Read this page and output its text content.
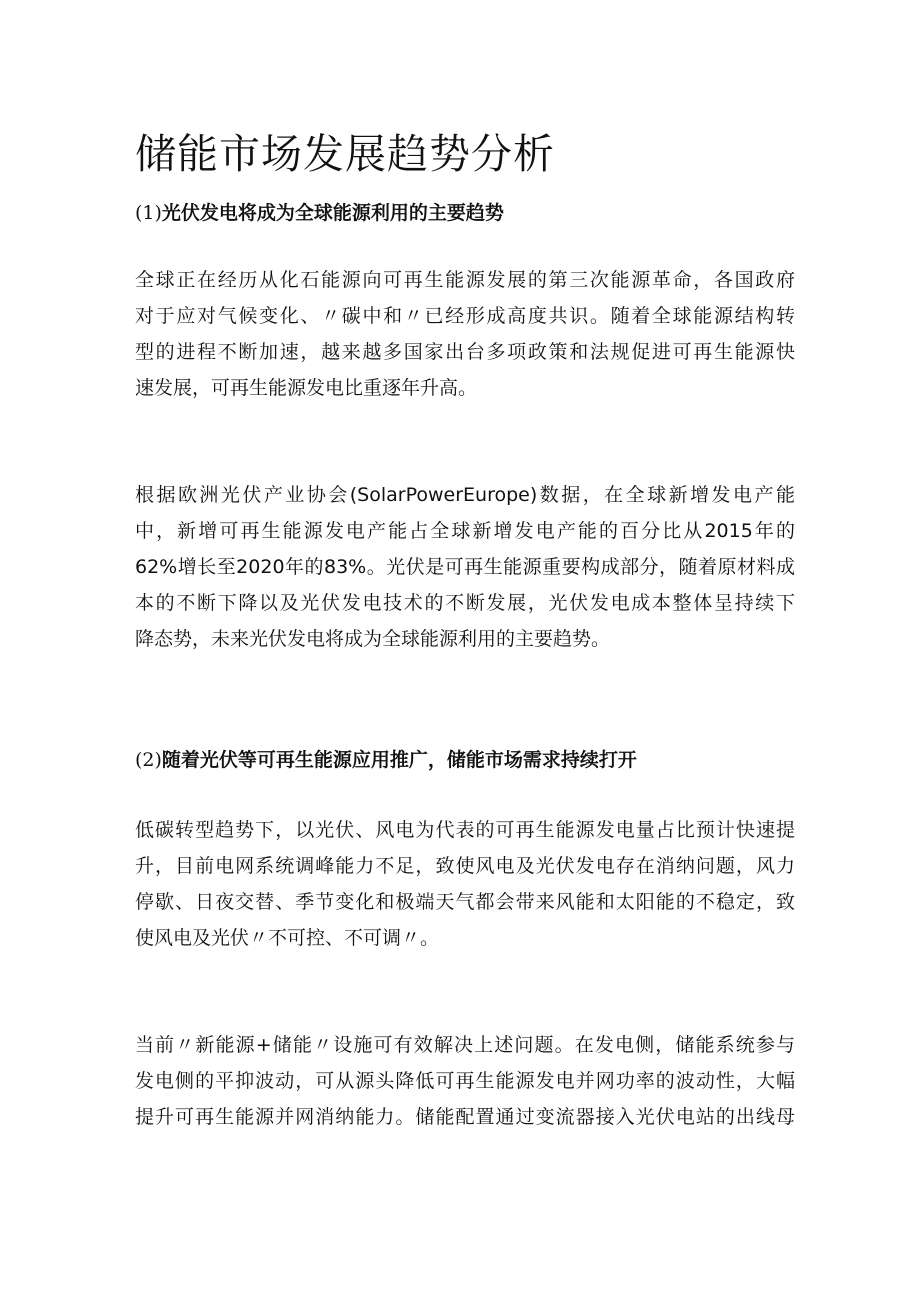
储能市场发展趋势分析
(1)光伏发电将成为全球能源利用的主要趋势
全球正在经历从化石能源向可再生能源发展的第三次能源革命，各国政府
对于应对气候变化、〃碳中和〃已经形成高度共识。随着全球能源结构转
型的进程不断加速，越来越多国家出台多项政策和法规促进可再生能源快
速发展，可再生能源发电比重逐年升高。
根据欧洲光伏产业协会(SolarPowerEurope)数据，在全球新增发电产能
中，新增可再生能源发电产能占全球新增发电产能的百分比从2015年的
62%增长至2020年的83%。光伏是可再生能源重要构成部分，随着原材料成
本的不断下降以及光伏发电技术的不断发展，光伏发电成本整体呈持续下
降态势，未来光伏发电将成为全球能源利用的主要趋势。
(2)随着光伏等可再生能源应用推广，储能市场需求持续打开
低碳转型趋势下，以光伏、风电为代表的可再生能源发电量占比预计快速提
升，目前电网系统调峰能力不足，致使风电及光伏发电存在消纳问题，风力
停歇、日夜交替、季节变化和极端天气都会带来风能和太阳能的不稳定，致
使风电及光伏〃不可控、不可调〃。
当前〃新能源+储能〃设施可有效解决上述问题。在发电侧，储能系统参与
发电侧的平抑波动，可从源头降低可再生能源发电并网功率的波动性，大幅
提升可再生能源并网消纳能力。储能配置通过变流器接入光伏电站的出线母
